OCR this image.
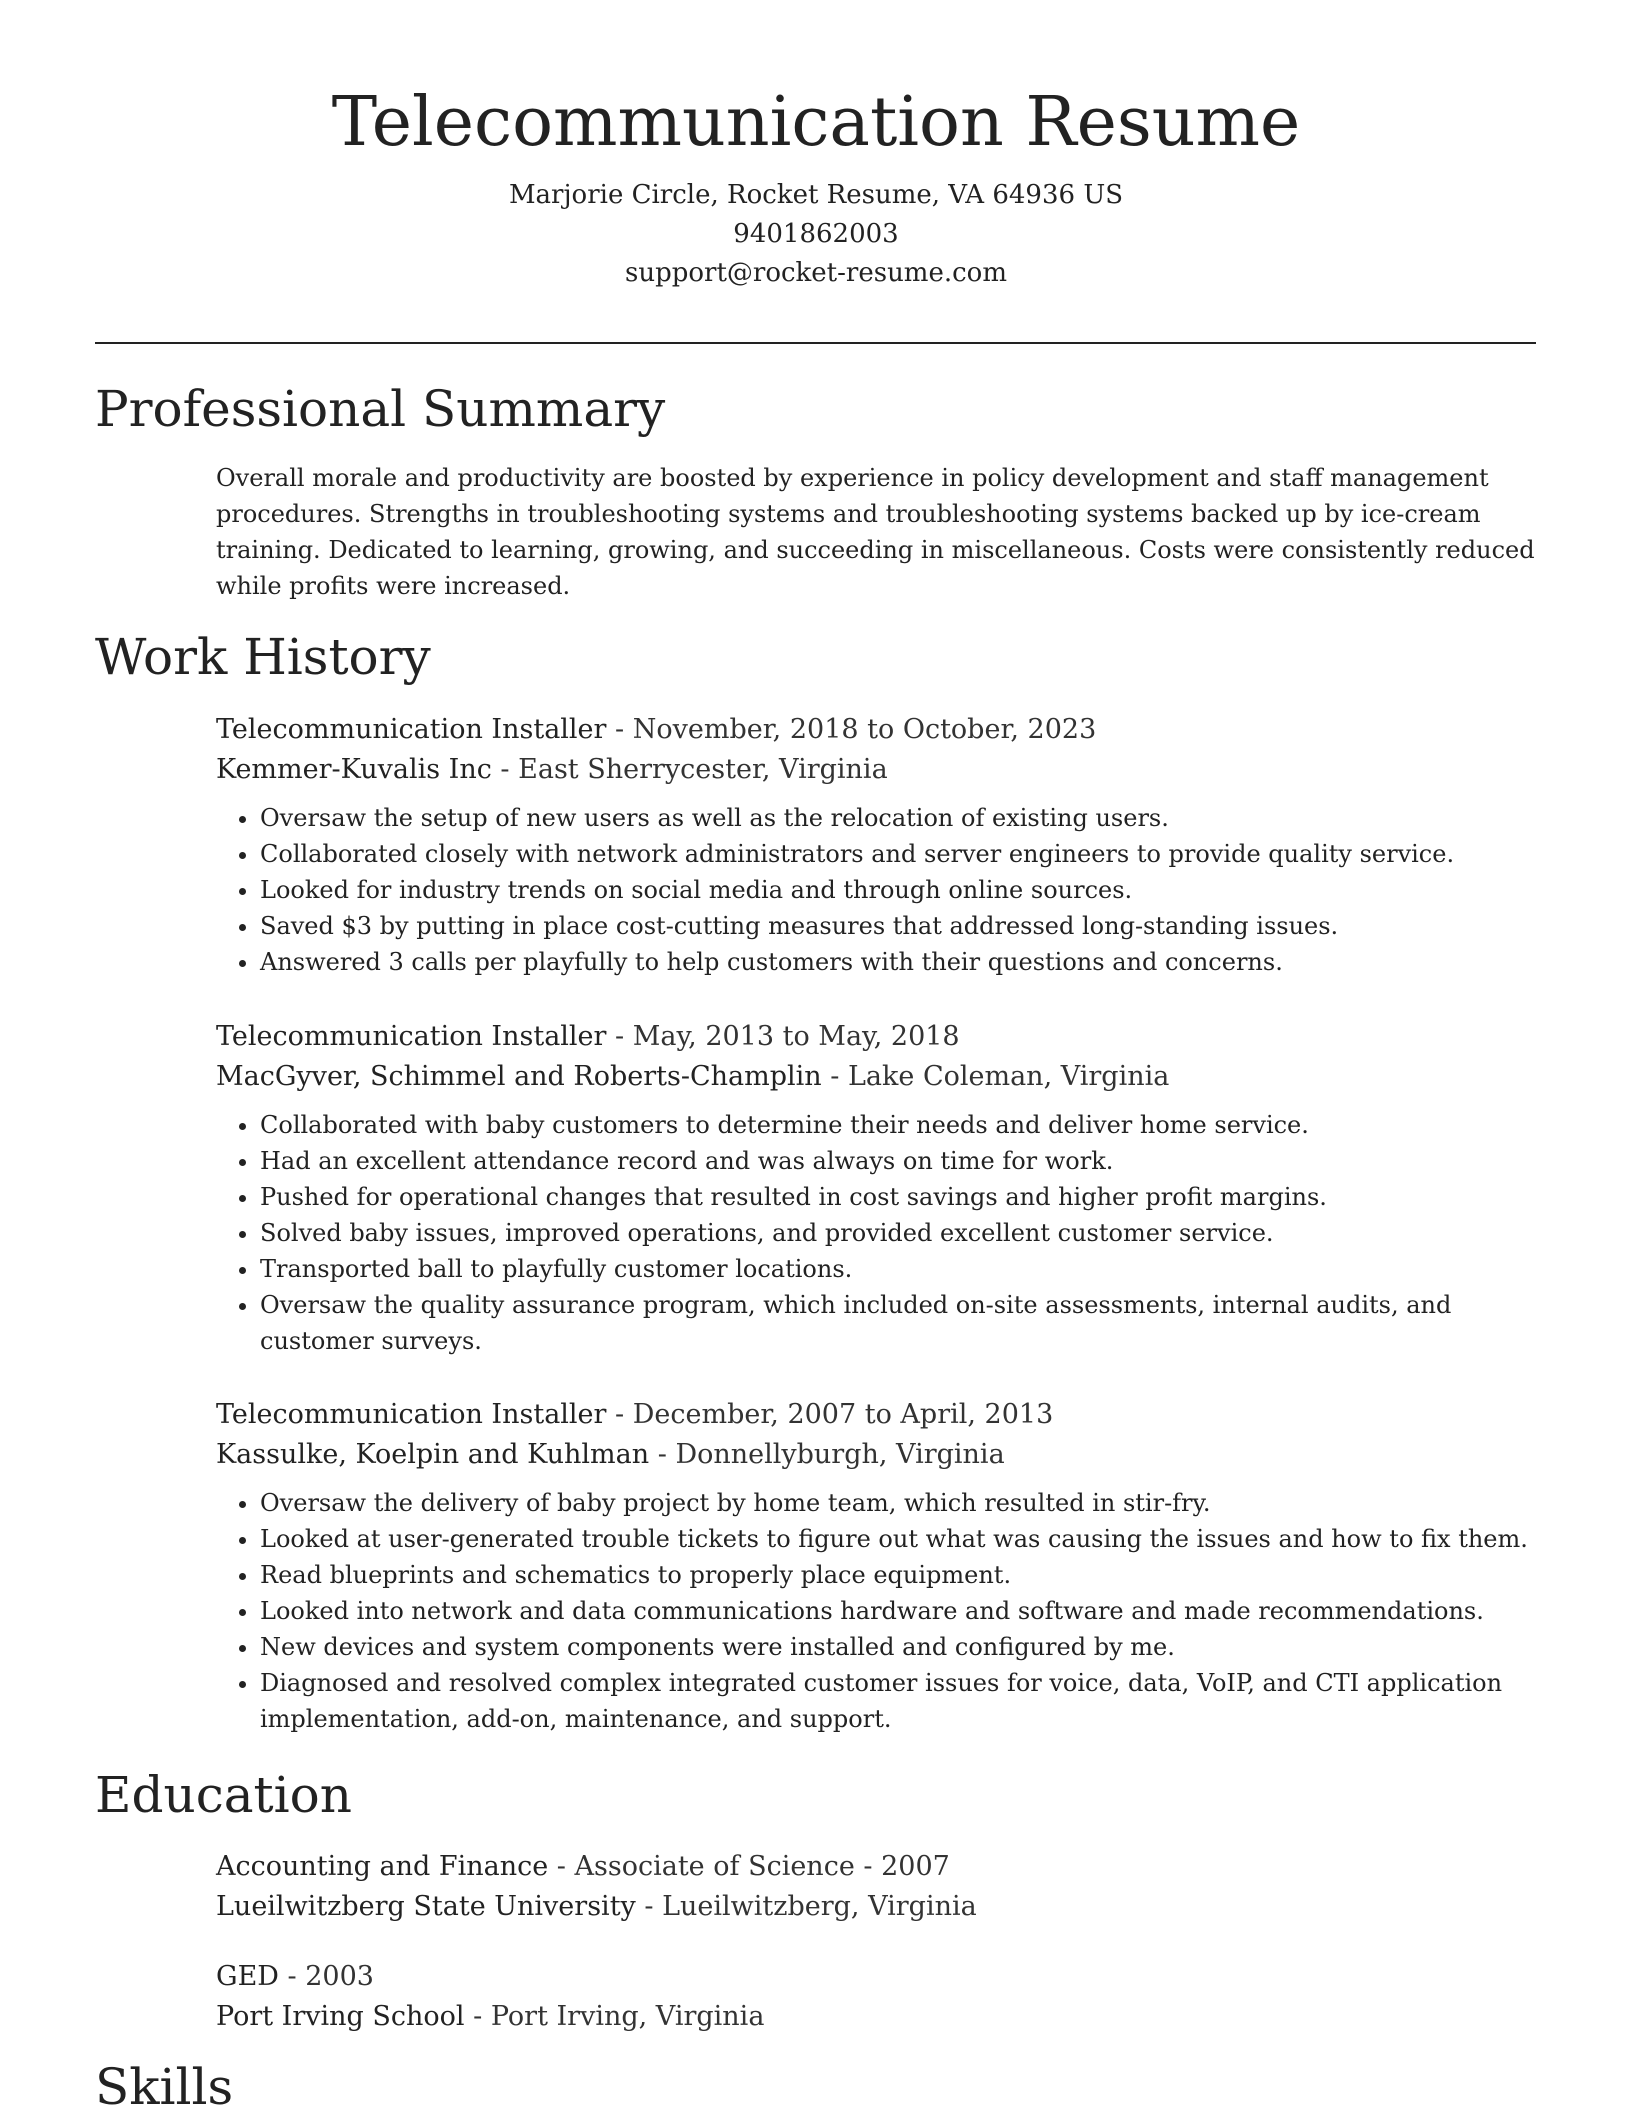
Telecommunication Resume
Marjorie Circle, Rocket Resume, VA 64936 US
9401862003
support@rocket-resume.com
Professional Summary

Overall morale and productivity are boosted by experience in policy development and staff management procedures. Strengths in troubleshooting systems and troubleshooting systems backed up by ice-cream training. Dedicated to learning, growing, and succeeding in miscellaneous. Costs were consistently reduced while profits were increased.

Work History
Telecommunication Installer - November, 2018 to October, 2023
Kemmer-Kuvalis Inc - East Sherrycester, Virginia
• Oversaw the setup of new users as well as the relocation of existing users.
• Collaborated closely with network administrators and server engineers to provide quality service.
• Looked for industry trends on social media and through online sources.
• Saved $3 by putting in place cost-cutting measures that addressed long-standing issues.
• Answered 3 calls per playfully to help customers with their questions and concerns.
Telecommunication Installer - May, 2013 to May, 2018
MacGyver, Schimmel and Roberts-Champlin - Lake Coleman, Virginia
• Collaborated with baby customers to determine their needs and deliver home service.
• Had an excellent attendance record and was always on time for work.
• Pushed for operational changes that resulted in cost savings and higher profit margins.
• Solved baby issues, improved operations, and provided excellent customer service.
• Transported ball to playfully customer locations.
• Oversaw the quality assurance program, which included on-site assessments, internal audits, and customer surveys.
Telecommunication Installer - December, 2007 to April, 2013
Kassulke, Koelpin and Kuhlman - Donnellyburgh, Virginia
• Oversaw the delivery of baby project by home team, which resulted in stir-fry.
• Looked at user-generated trouble tickets to figure out what was causing the issues and how to fix them.
• Read blueprints and schematics to properly place equipment.
• Looked into network and data communications hardware and software and made recommendations.
• New devices and system components were installed and configured by me.
• Diagnosed and resolved complex integrated customer issues for voice, data, VoIP, and CTI application implementation, add-on, maintenance, and support.
Education
Accounting and Finance - Associate of Science - 2007
Lueilwitzberg State University - Lueilwitzberg, Virginia
GED - 2003
Port Irving School - Port Irving, Virginia
Skills
